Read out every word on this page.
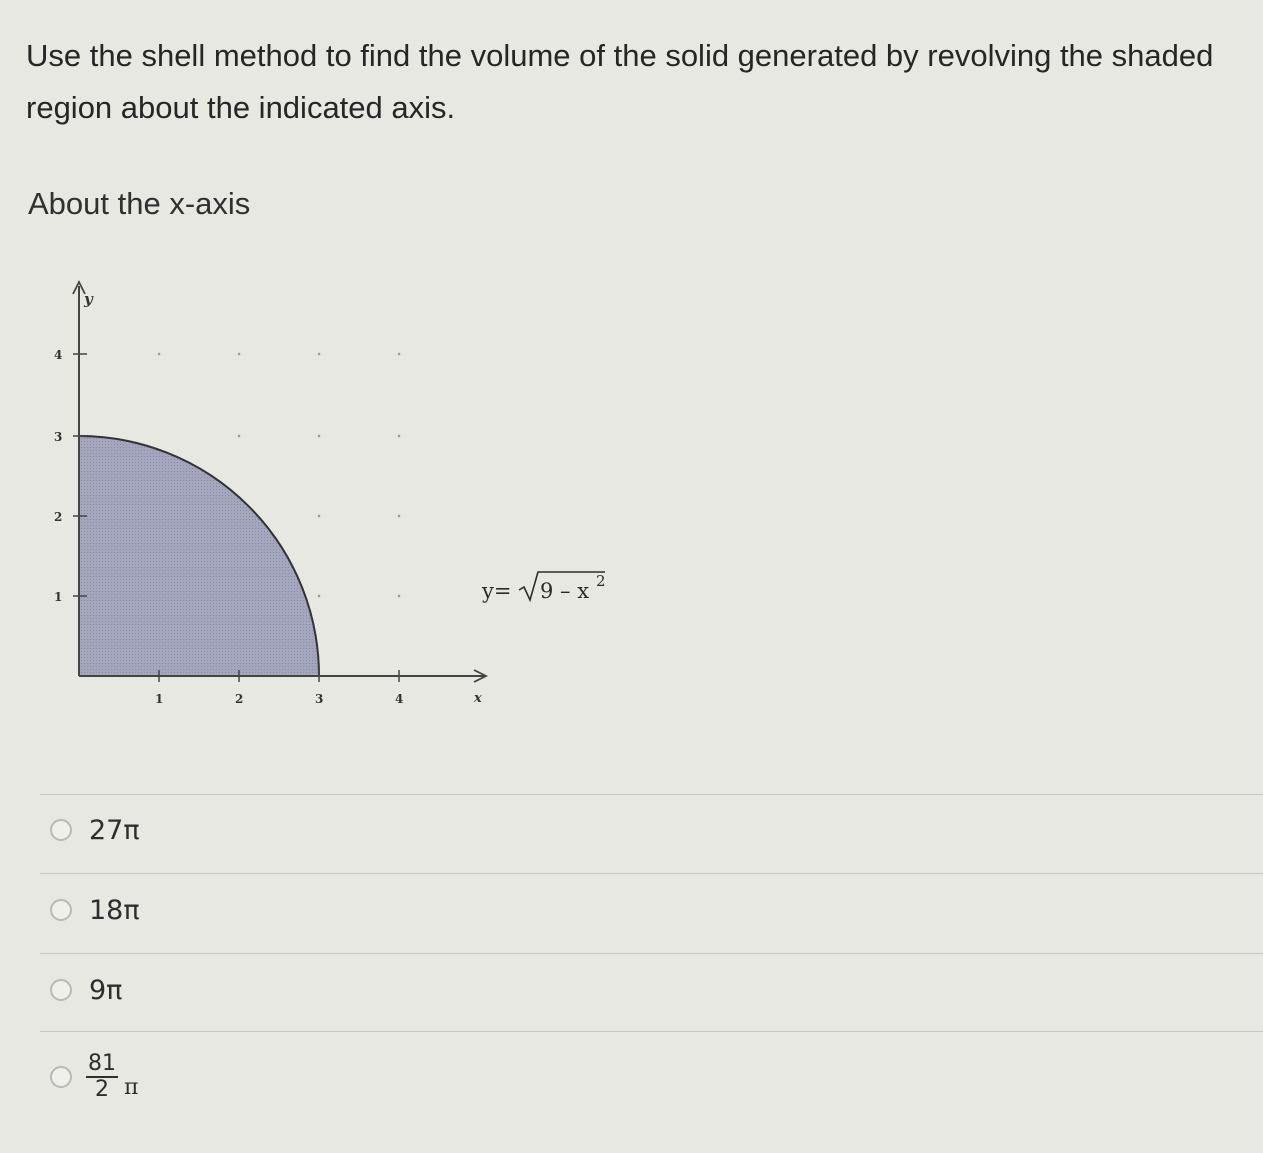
Use the shell method to find the volume of the solid generated by revolving the shaded
region about the indicated axis.

About the x-axis
y
x
4
3
2
1
1	2	3	4
y= 9 – x 2
27π
18π
9π
$\frac{81}{2}$ π
